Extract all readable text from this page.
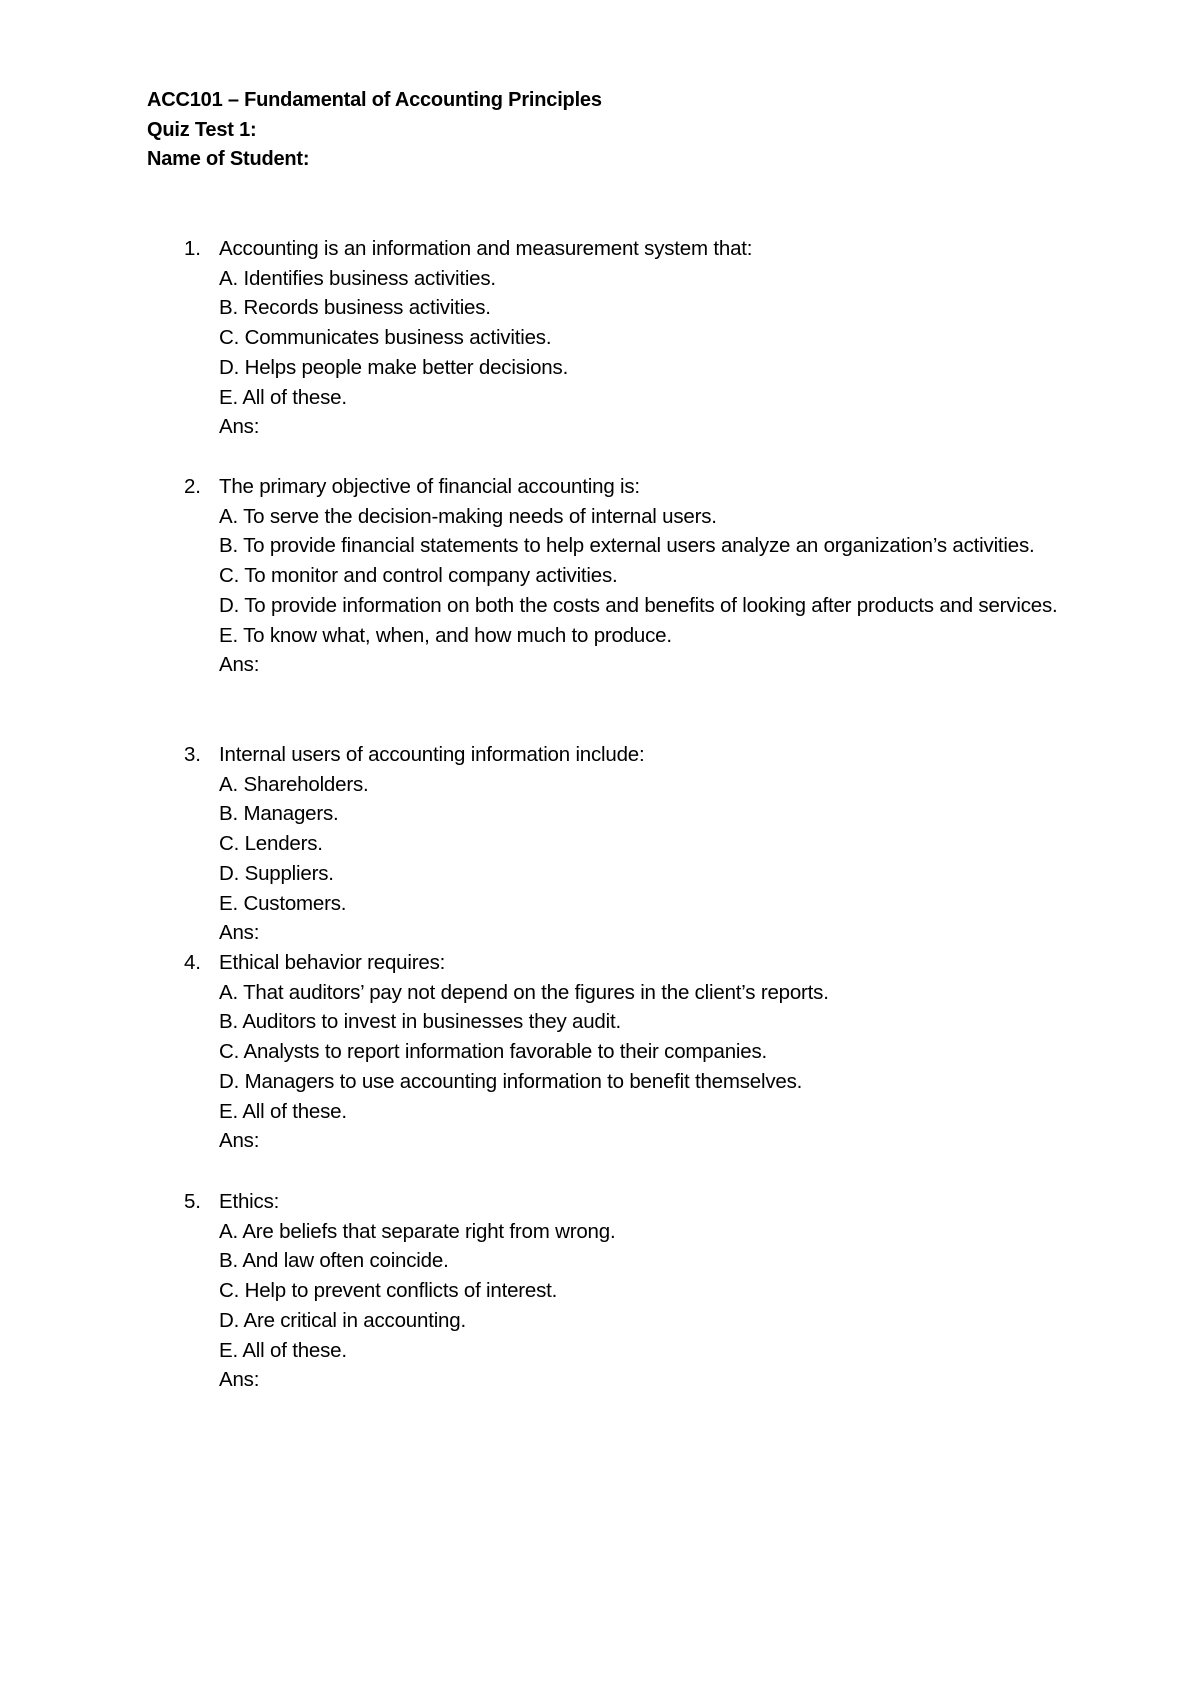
ACC101 – Fundamental of Accounting Principles
Quiz Test 1:
Name of Student:
1. Accounting is an information and measurement system that:
A. Identifies business activities.
B. Records business activities.
C. Communicates business activities.
D. Helps people make better decisions.
E. All of these.
Ans:
2. The primary objective of financial accounting is:
A. To serve the decision-making needs of internal users.
B. To provide financial statements to help external users analyze an organization’s activities.
C. To monitor and control company activities.
D. To provide information on both the costs and benefits of looking after products and services.
E. To know what, when, and how much to produce.
Ans:
3. Internal users of accounting information include:
A. Shareholders.
B. Managers.
C. Lenders.
D. Suppliers.
E. Customers.
Ans:
4. Ethical behavior requires:
A. That auditors’ pay not depend on the figures in the client’s reports.
B. Auditors to invest in businesses they audit.
C. Analysts to report information favorable to their companies.
D. Managers to use accounting information to benefit themselves.
E. All of these.
Ans:
5. Ethics:
A. Are beliefs that separate right from wrong.
B. And law often coincide.
C. Help to prevent conflicts of interest.
D. Are critical in accounting.
E. All of these.
Ans:
